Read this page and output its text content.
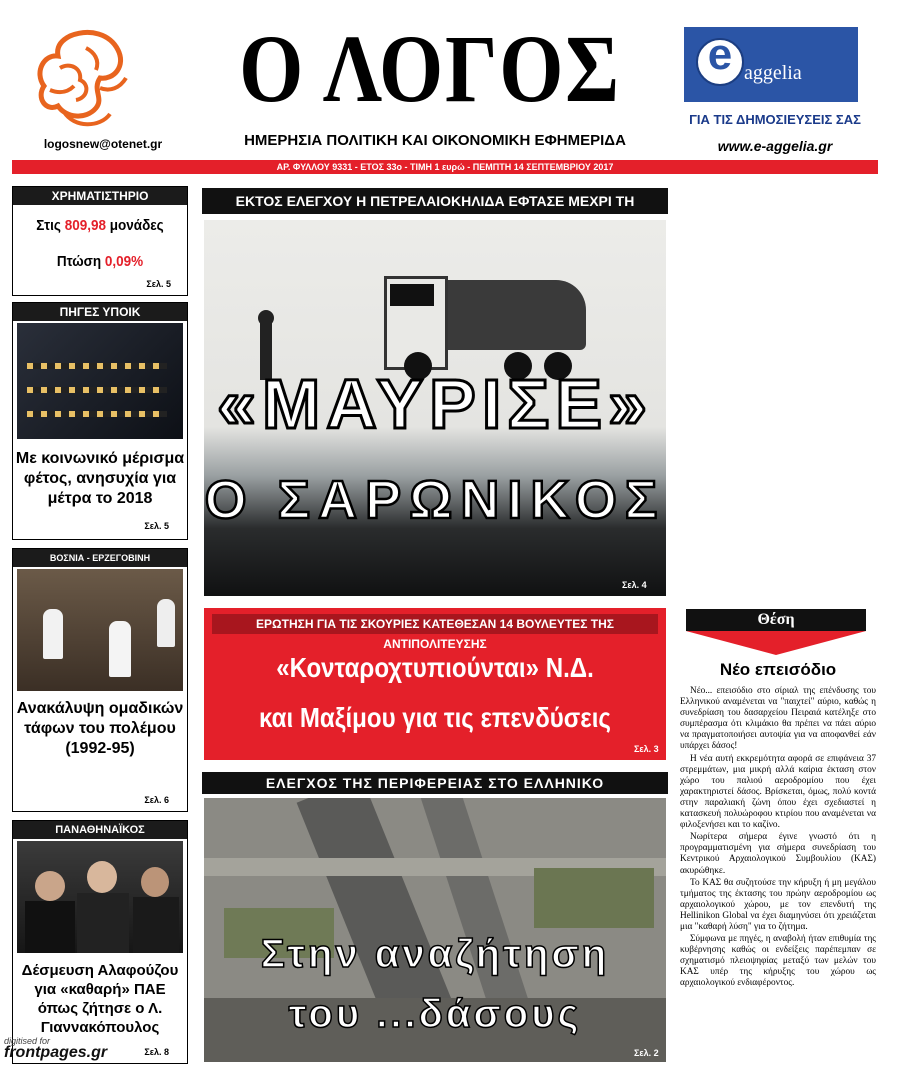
logosnew@otenet.gr
Ο ΛΟΓΟΣ
ΗΜΕΡΗΣΙΑ ΠΟΛΙΤΙΚΗ ΚΑΙ ΟΙΚΟΝΟΜΙΚΗ ΕΦΗΜΕΡΙΔΑ
e aggelia
ΓΙΑ ΤΙΣ ΔΗΜΟΣΙΕΥΣΕΙΣ ΣΑΣ
www.e-aggelia.gr
ΑΡ. ΦΥΛΛΟΥ 9331 - ΕΤΟΣ 33ο - ΤΙΜΗ 1 ευρώ - ΠΕΜΠΤΗ 14 ΣΕΠΤΕΜΒΡΙΟΥ 2017
ΧΡΗΜΑΤΙΣΤΗΡΙΟ
Στις 809,98 μονάδες
Πτώση 0,09%
Σελ. 5
ΠΗΓΕΣ ΥΠΟΙΚ
Με κοινωνικό μέρισμα φέτος, ανησυχία για μέτρα το 2018
Σελ. 5
ΒΟΣΝΙΑ - ΕΡΖΕΓΟΒΙΝΗ
Ανακάλυψη ομαδικών τάφων του πολέμου (1992-95)
Σελ. 6
ΠΑΝΑΘΗΝΑΪΚΟΣ
Δέσμευση Αλαφούζου για «καθαρή» ΠΑΕ όπως ζήτησε ο Λ. Γιαννακόπουλος
Σελ. 8
ΕΚΤΟΣ ΕΛΕΓΧΟΥ Η ΠΕΤΡΕΛΑΙΟΚΗΛΙΔΑ ΕΦΤΑΣΕ ΜΕΧΡΙ ΤΗ
«ΜΑΥΡΙΣΕ»
Ο ΣΑΡΩΝΙΚΟΣ
Σελ. 4
ΕΡΩΤΗΣΗ ΓΙΑ ΤΙΣ ΣΚΟΥΡΙΕΣ ΚΑΤΕΘΕΣΑΝ 14 ΒΟΥΛΕΥΤΕΣ ΤΗΣ ΑΝΤΙΠΟΛΙΤΕΥΣΗΣ
«Κονταροχτυπιούνται» Ν.Δ.
και Μαξίμου για τις επενδύσεις
Σελ. 3
ΕΛΕΓΧΟΣ ΤΗΣ ΠΕΡΙΦΕΡΕΙΑΣ ΣΤΟ ΕΛΛΗΝΙΚΟ
Στην αναζήτηση
του ...δάσους
Σελ. 2
Θέση
Νέο επεισόδιο

Νέο... επεισόδιο στο σίριαλ της επένδυσης του Ελληνικού αναμένεται να "παιχτεί" αύριο, καθώς η συνεδρίαση του δασαρχείου Πειραιά κατέληξε στο συμπέρασμα ότι κλιμάκιο θα πρέπει να πάει αύριο να πραγματοποιήσει αυτοψία για να αποφανθεί εάν υπάρχει δάσος!

Η νέα αυτή εκκρεμότητα αφορά σε επιφάνεια 37 στρεμμάτων, μια μικρή αλλά καίρια έκταση στον χώρο του παλιού αεροδρομίου που έχει χαρακτηριστεί δάσος. Βρίσκεται, όμως, πολύ κοντά στην παραλιακή ζώνη όπου έχει σχεδιαστεί η κατασκευή πολυώροφου κτιρίου που αναμένεται να φιλοξενήσει και το καζίνο.

Νωρίτερα σήμερα έγινε γνωστό ότι η προγραμματισμένη για σήμερα συνεδρίαση του Κεντρικού Αρχαιολογικού Συμβουλίου (ΚΑΣ) ακυρώθηκε.

Το ΚΑΣ θα συζητούσε την κήρυξη ή μη μεγάλου τμήματος της έκτασης του πρώην αεροδρομίου ως αρχαιολογικού χώρου, με τον επενδυτή της Hellinikon Global να έχει διαμηνύσει ότι χρειάζεται μια "καθαρή λύση" για το ζήτημα.

Σύμφωνα με πηγές, η αναβολή ήταν επιθυμία της κυβέρνησης καθώς οι ενδείξεις παρέπεμπαν σε σχηματισμό πλειοψηφίας μεταξύ των μελών του ΚΑΣ υπέρ της κήρυξης του χώρου ως αρχαιολογικού ενδιαφέροντος.

digitised for
frontpages.gr
